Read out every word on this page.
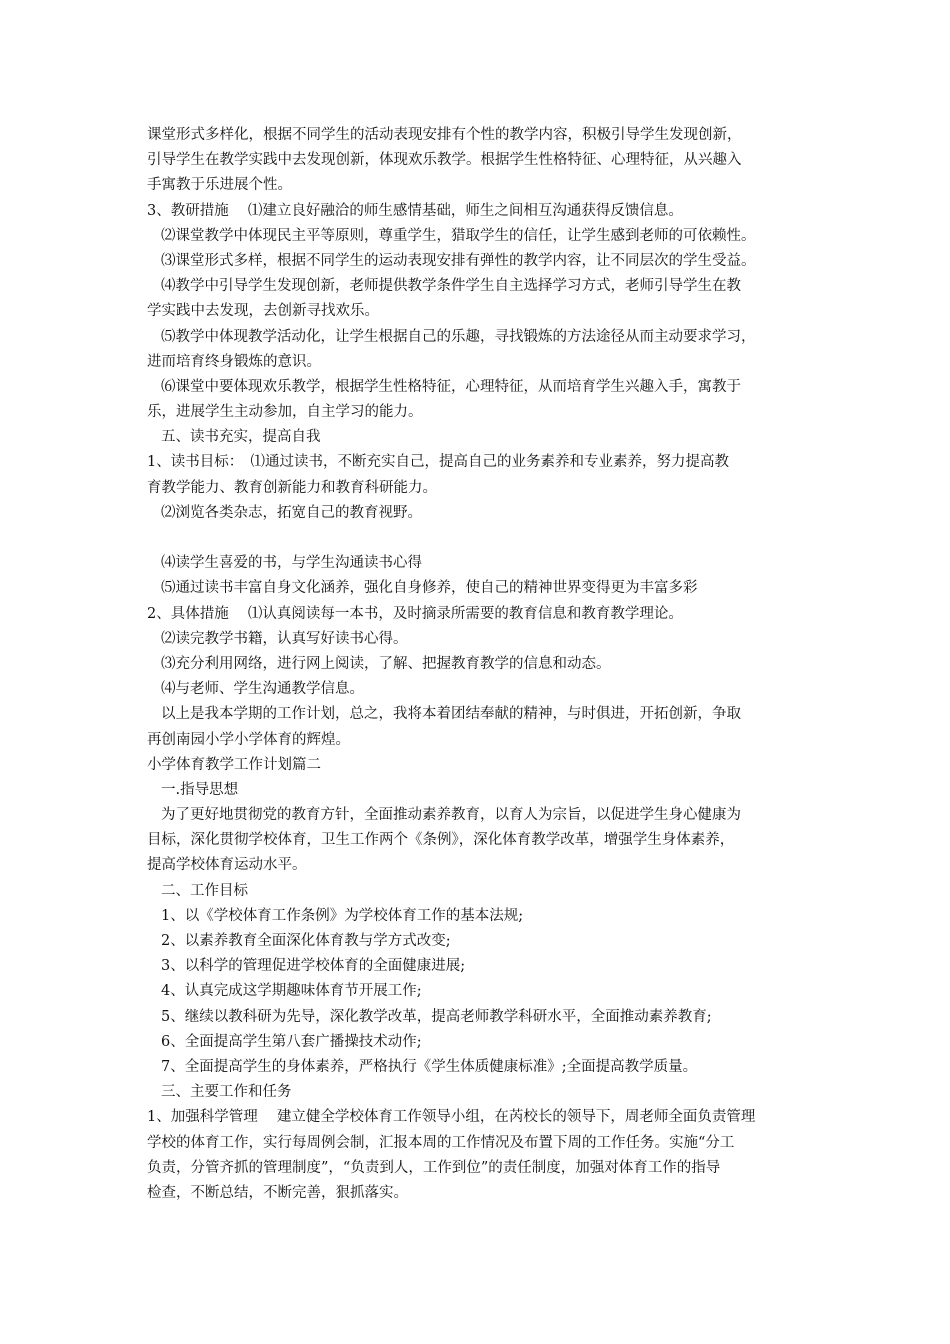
课堂形式多样化，根据不同学生的活动表现安排有个性的教学内容，积极引导学生发现创新，
引导学生在教学实践中去发现创新，体现欢乐教学。根据学生性格特征、心理特征，从兴趣入
手寓教于乐进展个性。
3、教研措施　 ⑴建立良好融洽的师生感情基础，师生之间相互沟通获得反馈信息。
⑵课堂教学中体现民主平等原则，尊重学生，猎取学生的信任，让学生感到老师的可依赖性。
⑶课堂形式多样，根据不同学生的运动表现安排有弹性的教学内容，让不同层次的学生受益。
⑷教学中引导学生发现创新，老师提供教学条件学生自主选择学习方式，老师引导学生在教
学实践中去发现，去创新寻找欢乐。
⑸教学中体现教学活动化，让学生根据自己的乐趣，寻找锻炼的方法途径从而主动要求学习，
进而培育终身锻炼的意识。
⑹课堂中要体现欢乐教学，根据学生性格特征，心理特征，从而培育学生兴趣入手，寓教于
乐，进展学生主动参加，自主学习的能力。
五、读书充实，提高自我
1、读书目标：　⑴通过读书，不断充实自己，提高自己的业务素养和专业素养，努力提高教
育教学能力、教育创新能力和教育科研能力。
⑵浏览各类杂志，拓宽自己的教育视野。
⑷读学生喜爱的书，与学生沟通读书心得
⑸通过读书丰富自身文化涵养，强化自身修养，使自己的精神世界变得更为丰富多彩
2、具体措施　 ⑴认真阅读每一本书，及时摘录所需要的教育信息和教育教学理论。
⑵读完教学书籍，认真写好读书心得。
⑶充分利用网络，进行网上阅读，了解、把握教育教学的信息和动态。
⑷与老师、学生沟通教学信息。
以上是我本学期的工作计划，总之，我将本着团结奉献的精神，与时俱进，开拓创新，争取
再创南园小学小学体育的辉煌。
小学体育教学工作计划篇二
一.指导思想
为了更好地贯彻党的教育方针，全面推动素养教育，以育人为宗旨，以促进学生身心健康为
目标，深化贯彻学校体育，卫生工作两个《条例》，深化体育教学改革，增强学生身体素养，
提高学校体育运动水平。
二、工作目标
1、以《学校体育工作条例》为学校体育工作的基本法规;
2、以素养教育全面深化体育教与学方式改变;
3、以科学的管理促进学校体育的全面健康进展;
4、认真完成这学期趣味体育节开展工作;
5、继续以教科研为先导，深化教学改革，提高老师教学科研水平，全面推动素养教育;
6、全面提高学生第八套广播操技术动作;
7、全面提高学生的身体素养，严格执行《学生体质健康标准》;全面提高教学质量。
三、主要工作和任务
1、加强科学管理　 建立健全学校体育工作领导小组，在芮校长的领导下，周老师全面负责管理
学校的体育工作，实行每周例会制，汇报本周的工作情况及布置下周的工作任务。实施“分工
负责，分管齐抓的管理制度”，“负责到人，工作到位”的责任制度，加强对体育工作的指导
检查，不断总结，不断完善，狠抓落实。
